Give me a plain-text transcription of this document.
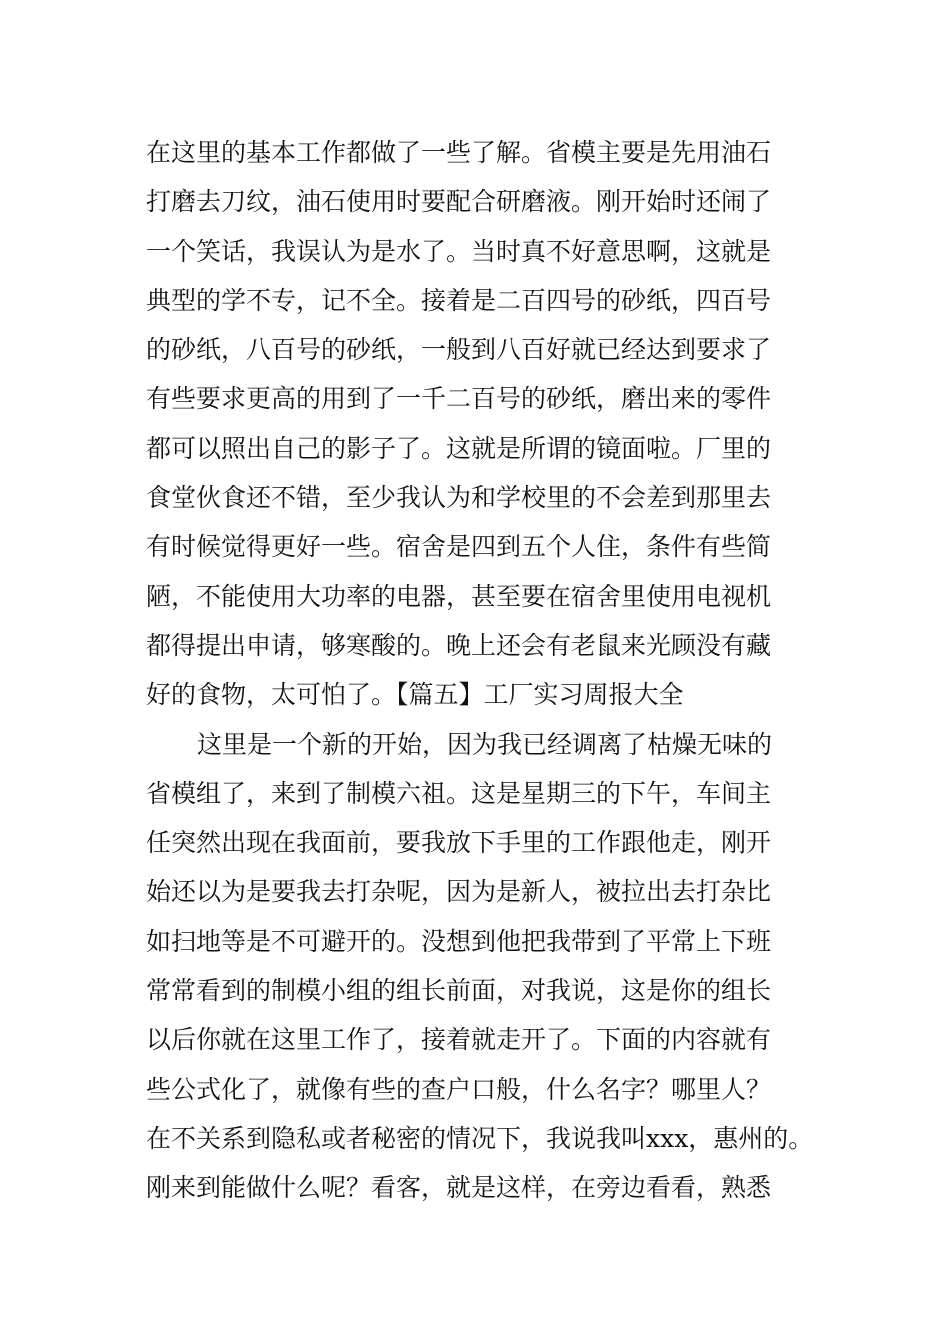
在这里的基本工作都做了一些了解。省模主要是先用油石
打磨去刀纹，油石使用时要配合研磨液。刚开始时还闹了
一个笑话，我误认为是水了。当时真不好意思啊，这就是
典型的学不专，记不全。接着是二百四号的砂纸，四百号
的砂纸，八百号的砂纸，一般到八百好就已经达到要求了
有些要求更高的用到了一千二百号的砂纸，磨出来的零件
都可以照出自己的影子了。这就是所谓的镜面啦。厂里的
食堂伙食还不错，至少我认为和学校里的不会差到那里去
有时候觉得更好一些。宿舍是四到五个人住，条件有些简
陋，不能使用大功率的电器，甚至要在宿舍里使用电视机
都得提出申请，够寒酸的。晚上还会有老鼠来光顾没有藏
好的食物，太可怕了。【篇五】工厂实习周报大全
这里是一个新的开始，因为我已经调离了枯燥无味的
省模组了，来到了制模六祖。这是星期三的下午，车间主
任突然出现在我面前，要我放下手里的工作跟他走，刚开
始还以为是要我去打杂呢，因为是新人，被拉出去打杂比
如扫地等是不可避开的。没想到他把我带到了平常上下班
常常看到的制模小组的组长前面，对我说，这是你的组长
以后你就在这里工作了，接着就走开了。下面的内容就有
些公式化了，就像有些的查户口般，什么名字？哪里人？
在不关系到隐私或者秘密的情况下，我说我叫xxx，惠州的。
刚来到能做什么呢？看客，就是这样，在旁边看看，熟悉
